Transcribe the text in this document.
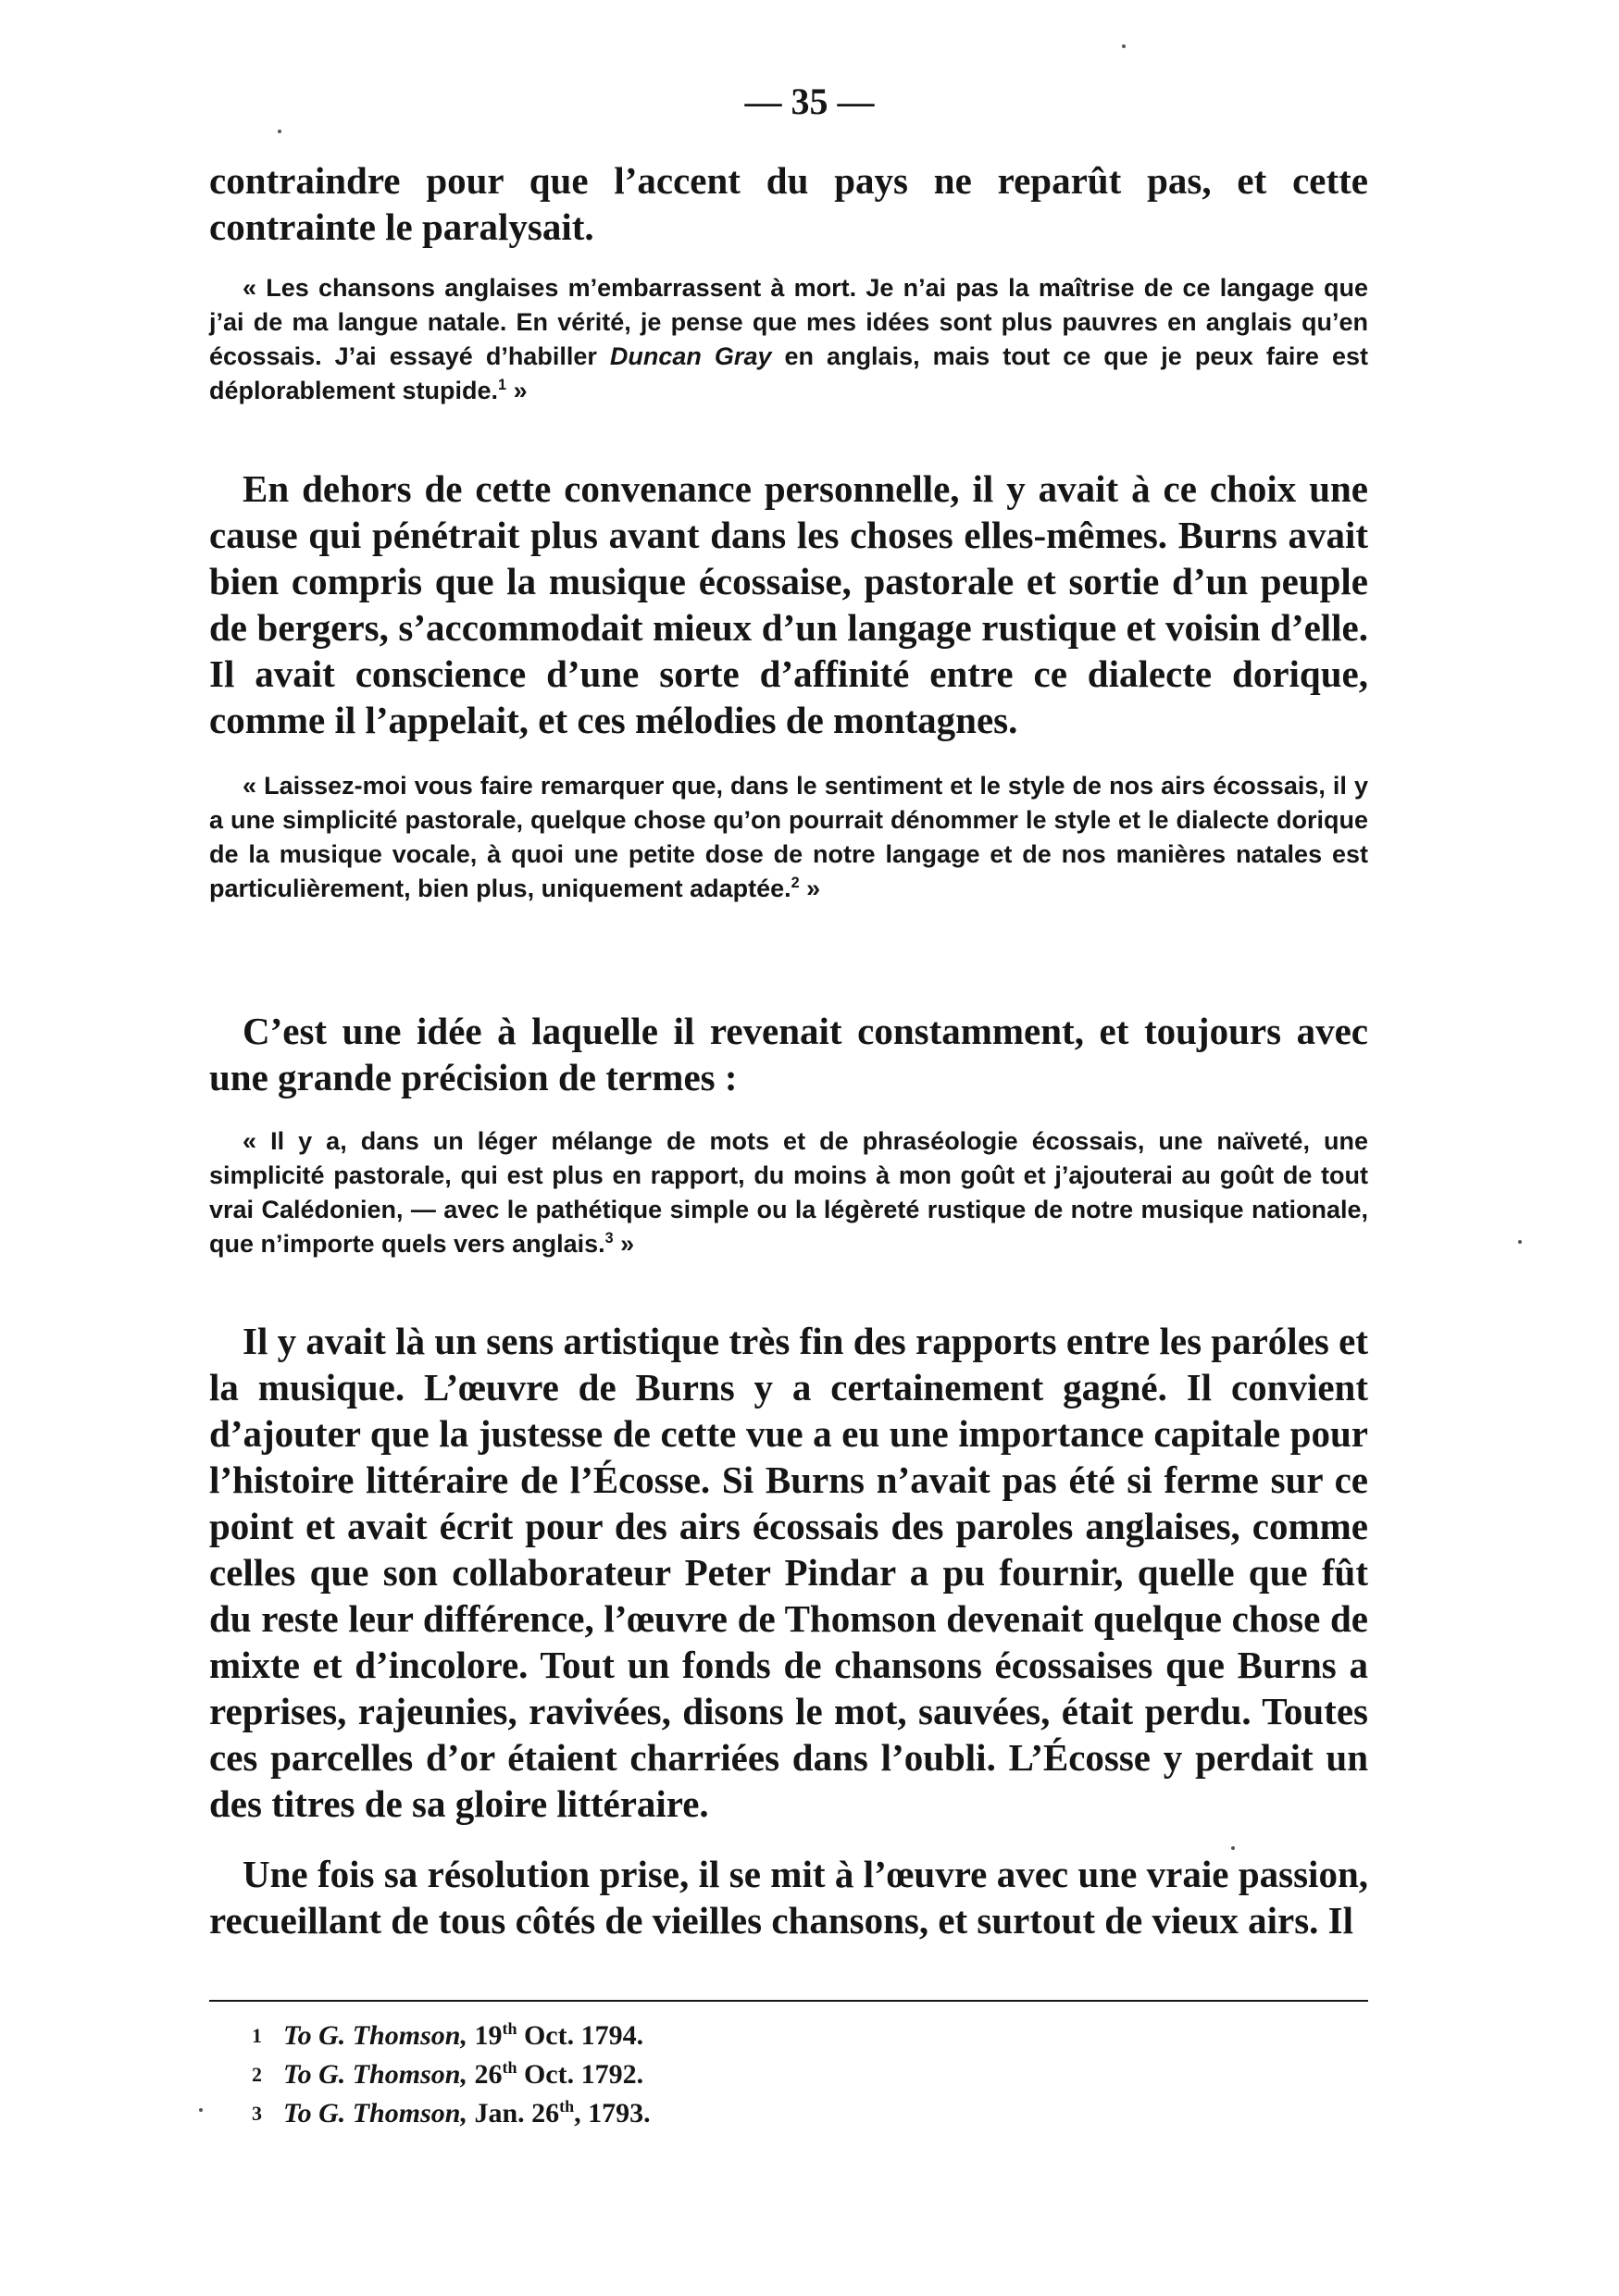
— 35 —

contraindre pour que l’accent du pays ne reparût pas, et cette contrainte le paralysait.

« Les chansons anglaises m’embarrassent à mort. Je n’ai pas la maîtrise de ce langage que j’ai de ma langue natale. En vérité, je pense que mes idées sont plus pauvres en anglais qu’en écossais. J’ai essayé d’habiller Duncan Gray en anglais, mais tout ce que je peux faire est déplorablement stupide.$^1$ »

En dehors de cette convenance personnelle, il y avait à ce choix une cause qui pénétrait plus avant dans les choses elles-mêmes. Burns avait bien compris que la musique écossaise, pastorale et sortie d’un peuple de bergers, s’accommodait mieux d’un langage rustique et voisin d’elle. Il avait conscience d’une sorte d’affinité entre ce dialecte dorique, comme il l’appelait, et ces mélodies de montagnes.

« Laissez-moi vous faire remarquer que, dans le sentiment et le style de nos airs écossais, il y a une simplicité pastorale, quelque chose qu’on pourrait dénommer le style et le dialecte dorique de la musique vocale, à quoi une petite dose de notre langage et de nos manières natales est particulièrement, bien plus, uniquement adaptée.$^2$ »

C’est une idée à laquelle il revenait constamment, et toujours avec une grande précision de termes :

« Il y a, dans un léger mélange de mots et de phraséologie écossais, une naïveté, une simplicité pastorale, qui est plus en rapport, du moins à mon goût et j’ajouterai au goût de tout vrai Calédonien, — avec le pathétique simple ou la légèreté rustique de notre musique nationale, que n’importe quels vers anglais.$^3$ »

Il y avait là un sens artistique très fin des rapports entre les paróles et la musique. L’œuvre de Burns y a certainement gagné. Il convient d’ajouter que la justesse de cette vue a eu une importance capitale pour l’histoire littéraire de l’Écosse. Si Burns n’avait pas été si ferme sur ce point et avait écrit pour des airs écossais des paroles anglaises, comme celles que son collaborateur Peter Pindar a pu fournir, quelle que fût du reste leur différence, l’œuvre de Thomson devenait quelque chose de mixte et d’incolore. Tout un fonds de chansons écossaises que Burns a reprises, rajeunies, ravivées, disons le mot, sauvées, était perdu. Toutes ces parcelles d’or étaient charriées dans l’oubli. L’Écosse y perdait un des titres de sa gloire littéraire.

Une fois sa résolution prise, il se mit à l’œuvre avec une vraie passion, recueillant de tous côtés de vieilles chansons, et surtout de vieux airs. Il

1 To G. Thomson, 19th Oct. 1794.

2 To G. Thomson, 26th Oct. 1792.

3 To G. Thomson, Jan. 26th, 1793.
